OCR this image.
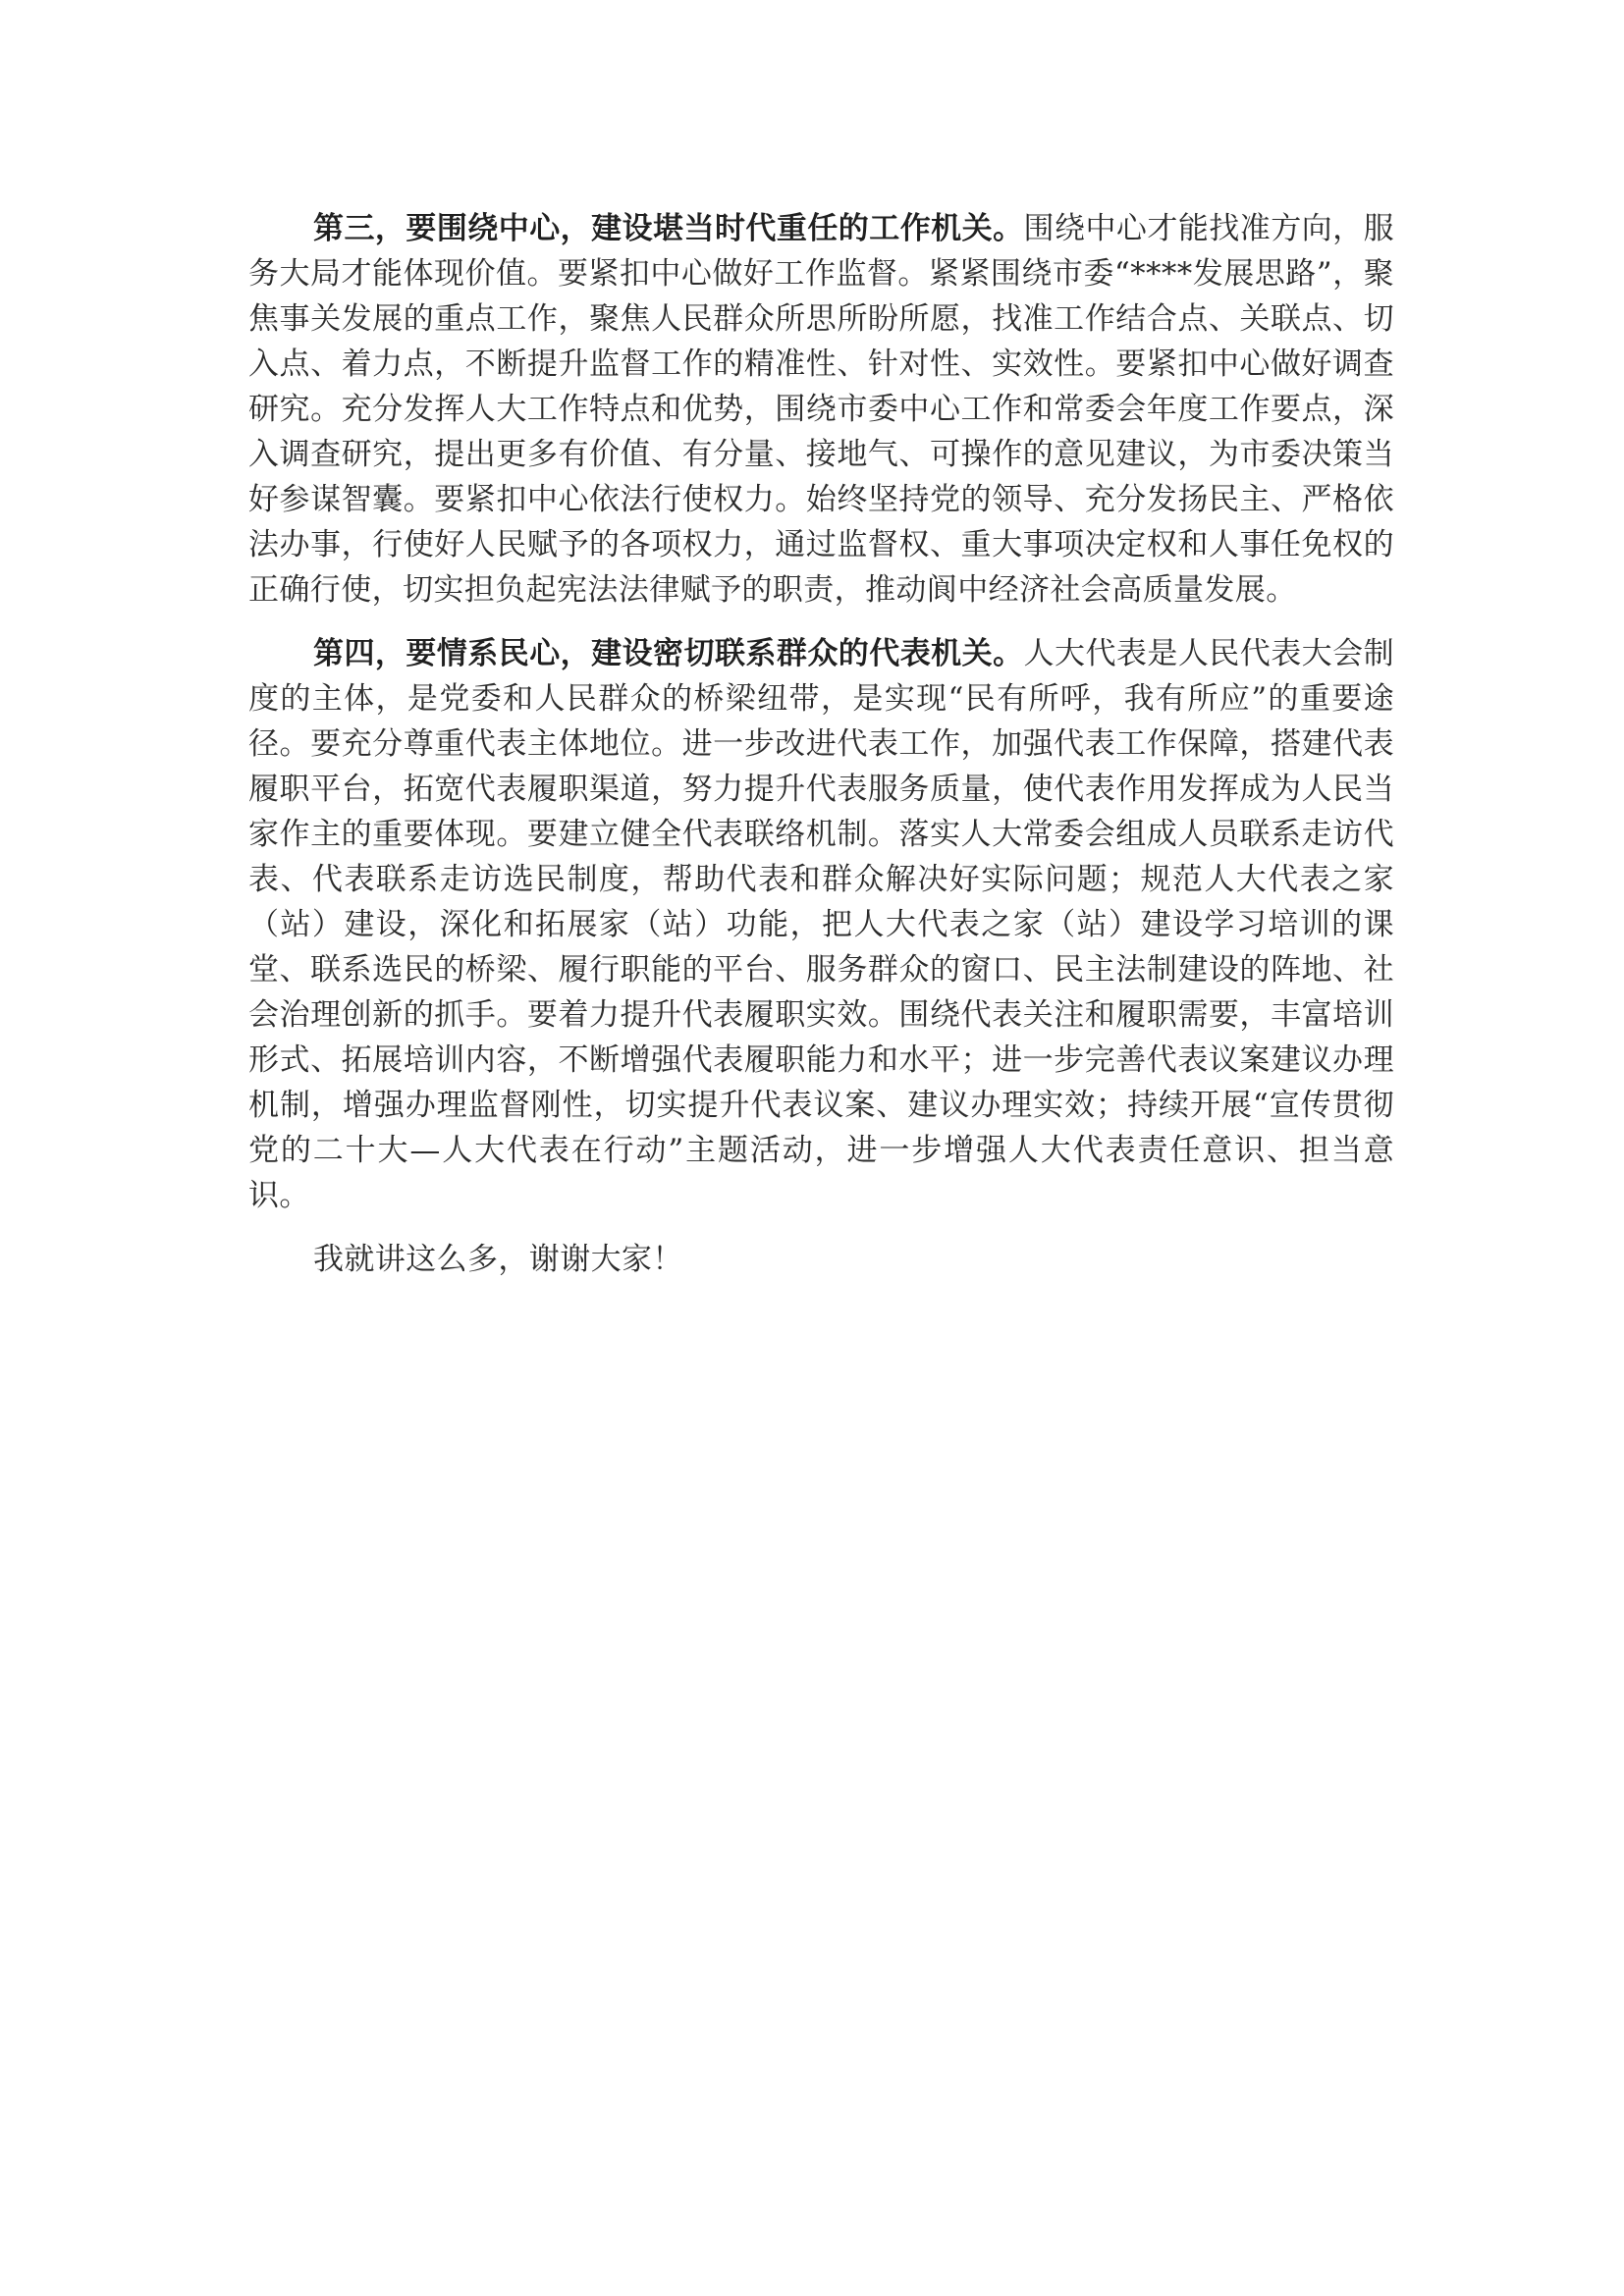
第三，要围绕中心，建设堪当时代重任的工作机关。围绕中心才能找准方向，服务大局才能体现价值。要紧扣中心做好工作监督。紧紧围绕市委“****发展思路”，聚焦事关发展的重点工作，聚焦人民群众所思所盼所愿，找准工作结合点、关联点、切入点、着力点，不断提升监督工作的精准性、针对性、实效性。要紧扣中心做好调查研究。充分发挥人大工作特点和优势，围绕市委中心工作和常委会年度工作要点，深入调查研究，提出更多有价值、有分量、接地气、可操作的意见建议，为市委决策当好参谋智囊。要紧扣中心依法行使权力。始终坚持党的领导、充分发扬民主、严格依法办事，行使好人民赋予的各项权力，通过监督权、重大事项决定权和人事任免权的正确行使，切实担负起宪法法律赋予的职责，推动阆中经济社会高质量发展。

第四，要情系民心，建设密切联系群众的代表机关。人大代表是人民代表大会制度的主体，是党委和人民群众的桥梁纽带，是实现“民有所呼，我有所应”的重要途径。要充分尊重代表主体地位。进一步改进代表工作，加强代表工作保障，搭建代表履职平台，拓宽代表履职渠道，努力提升代表服务质量，使代表作用发挥成为人民当家作主的重要体现。要建立健全代表联络机制。落实人大常委会组成人员联系走访代表、代表联系走访选民制度，帮助代表和群众解决好实际问题；规范人大代表之家（站）建设，深化和拓展家（站）功能，把人大代表之家（站）建设学习培训的课堂、联系选民的桥梁、履行职能的平台、服务群众的窗口、民主法制建设的阵地、社会治理创新的抓手。要着力提升代表履职实效。围绕代表关注和履职需要，丰富培训形式、拓展培训内容，不断增强代表履职能力和水平；进一步完善代表议案建议办理机制，增强办理监督刚性，切实提升代表议案、建议办理实效；持续开展“宣传贯彻党的二十大—人大代表在行动”主题活动，进一步增强人大代表责任意识、担当意识。

我就讲这么多，谢谢大家！
